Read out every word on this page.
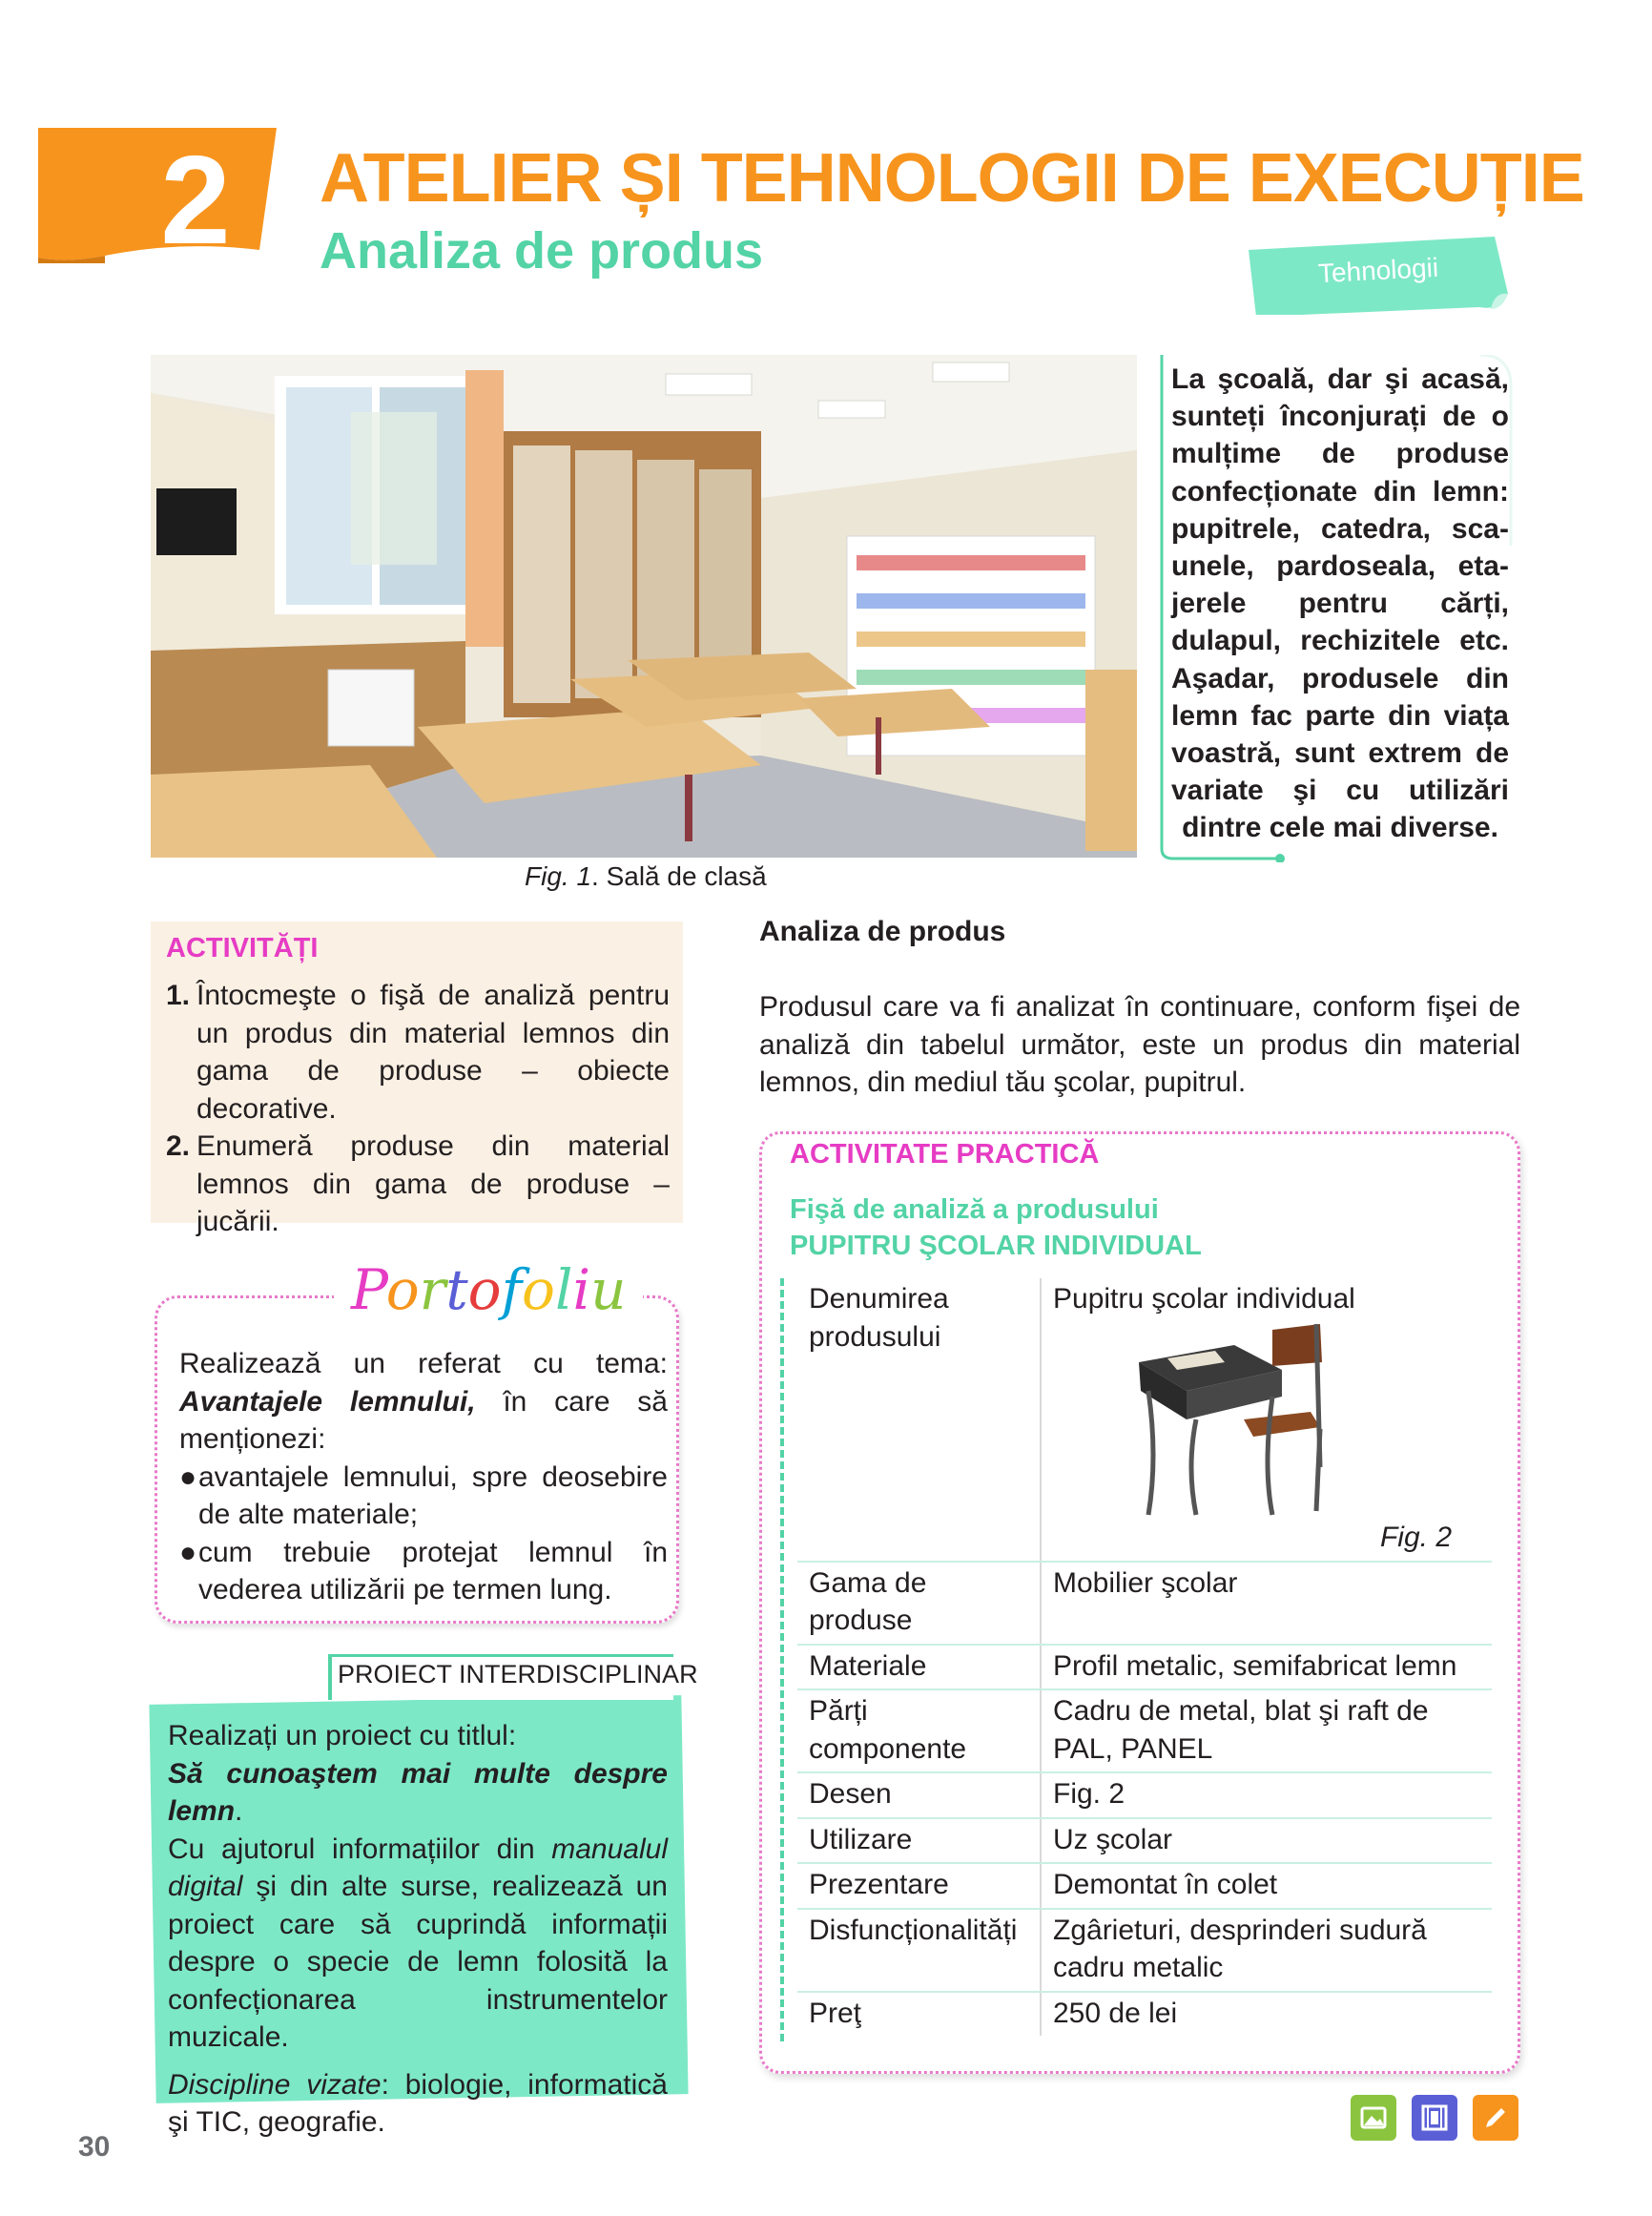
2 ATELIER ȘI TEHNOLOGII DE EXECUȚIE
Analiza de produs	Tehnologii
Fig. 1. Sală de clasă
La şcoală, dar şi acasă, sunteți înconjurați de o mulțime de produse confecționate din lemn: pupitrele, catedra, scaunele, pardoseala, etajerele pentru cărți, dulapul, rechizitele etc. Aşadar, produsele din lemn fac parte din viața voastră, sunt extrem de variate şi cu utilizări dintre cele mai diverse.
ACTIVITĂȚI
1. Întocmeşte o fişă de analiză pentru un produs din material lemnos din gama de produse – obiecte decorative.
2. Enumeră produse din material lemnos din gama de produse – jucării.
Portofoliu
Realizează un referat cu tema: Avantajele lemnului, în care să menționezi:
● avantajele lemnului, spre deosebire de alte materiale;
● cum trebuie protejat lemnul în vederea utilizării pe termen lung.
PROIECT INTERDISCIPLINAR
Realizați un proiect cu titlul:
Să cunoaştem mai multe despre lemn.
Cu ajutorul informațiilor din manualul digital şi din alte surse, realizează un proiect care să cuprindă informații despre o specie de lemn folosită la confecționarea instrumentelor muzicale.
Discipline vizate: biologie, informatică şi TIC, geografie.
Analiza de produs
Produsul care va fi analizat în continuare, conform fişei de analiză din tabelul următor, este un produs din material lemnos, din mediul tău şcolar, pupitrul.
ACTIVITATE PRACTICĂ
Fişă de analiză a produsului
PUPITRU ŞCOLAR INDIVIDUAL
Denumirea produsului	Pupitru şcolar individual
Fig. 2

Gama de produse	Mobilier şcolar
Materiale	Profil metalic, semifabricat lemn
Părți componente	Cadru de metal, blat şi raft de PAL, PANEL
Desen	Fig. 2
Utilizare	Uz şcolar
Prezentare	Demontat în colet
Disfuncționalități	Zgârieturi, desprinderi sudură cadru metalic
Preţ	250 de lei
30
